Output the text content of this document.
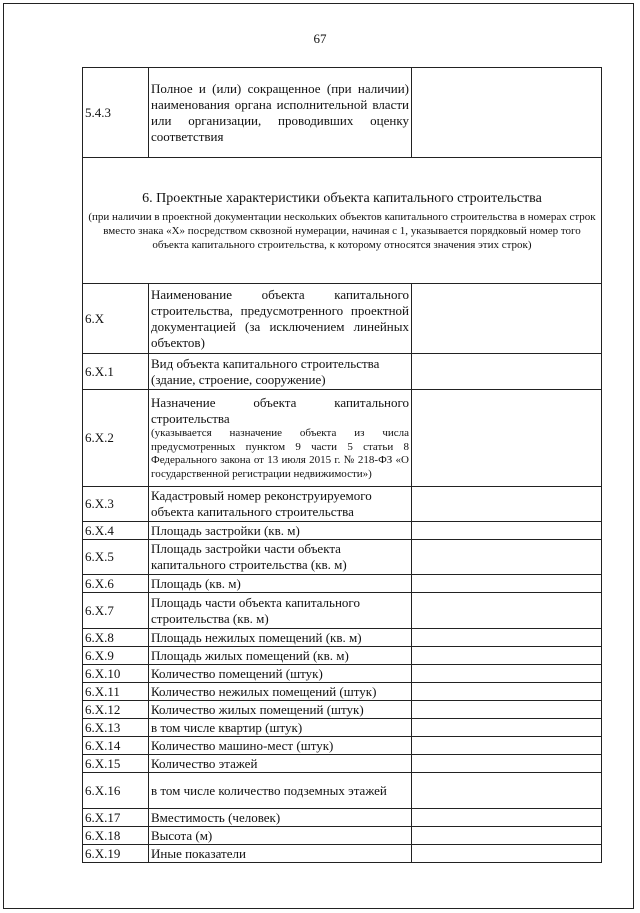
67
5.4.3	Полное и (или) сокращенное (при наличии) наименования органа исполнительной власти или организации, проводивших оценку соответствия	

6. Проектные характеристики объекта капитального строительства
(при наличии в проектной документации нескольких объектов капитального строительства в номерах строк вместо знака «Х» посредством сквозной нумерации, начиная с 1, указывается порядковый номер того объекта капитального строительства, к которому относятся значения этих строк)		

6.Х	Наименование объекта капитального строительства, предусмотренного проектной документацией (за исключением линейных объектов)	
6.Х.1	Вид объекта капитального строительства (здание, строение, сооружение)	
6.Х.2	Назначение объекта капитального строительства
(указывается назначение объекта из числа предусмотренных пунктом 9 части 5 статьи 8 Федерального закона от 13 июля 2015 г. № 218-ФЗ «О государственной регистрации недвижимости»)	

6.Х.3	Кадастровый номер реконструируемого объекта капитального строительства	
6.Х.4	Площадь застройки (кв. м)	
6.Х.5	Площадь застройки части объекта капитального строительства (кв. м)	
6.Х.6	Площадь (кв. м)	
6.Х.7	Площадь части объекта капитального строительства (кв. м)	
6.Х.8	Площадь нежилых помещений (кв. м)	
6.Х.9	Площадь жилых помещений (кв. м)	
6.Х.10	Количество помещений (штук)	
6.Х.11	Количество нежилых помещений (штук)	
6.Х.12	Количество жилых помещений (штук)	
6.Х.13	в том числе квартир (штук)	
6.Х.14	Количество машино-мест (штук)	
6.Х.15	Количество этажей	
6.Х.16	в том числе количество подземных этажей	
6.Х.17	Вместимость (человек)	
6.Х.18	Высота (м)	
6.Х.19	Иные показатели	
